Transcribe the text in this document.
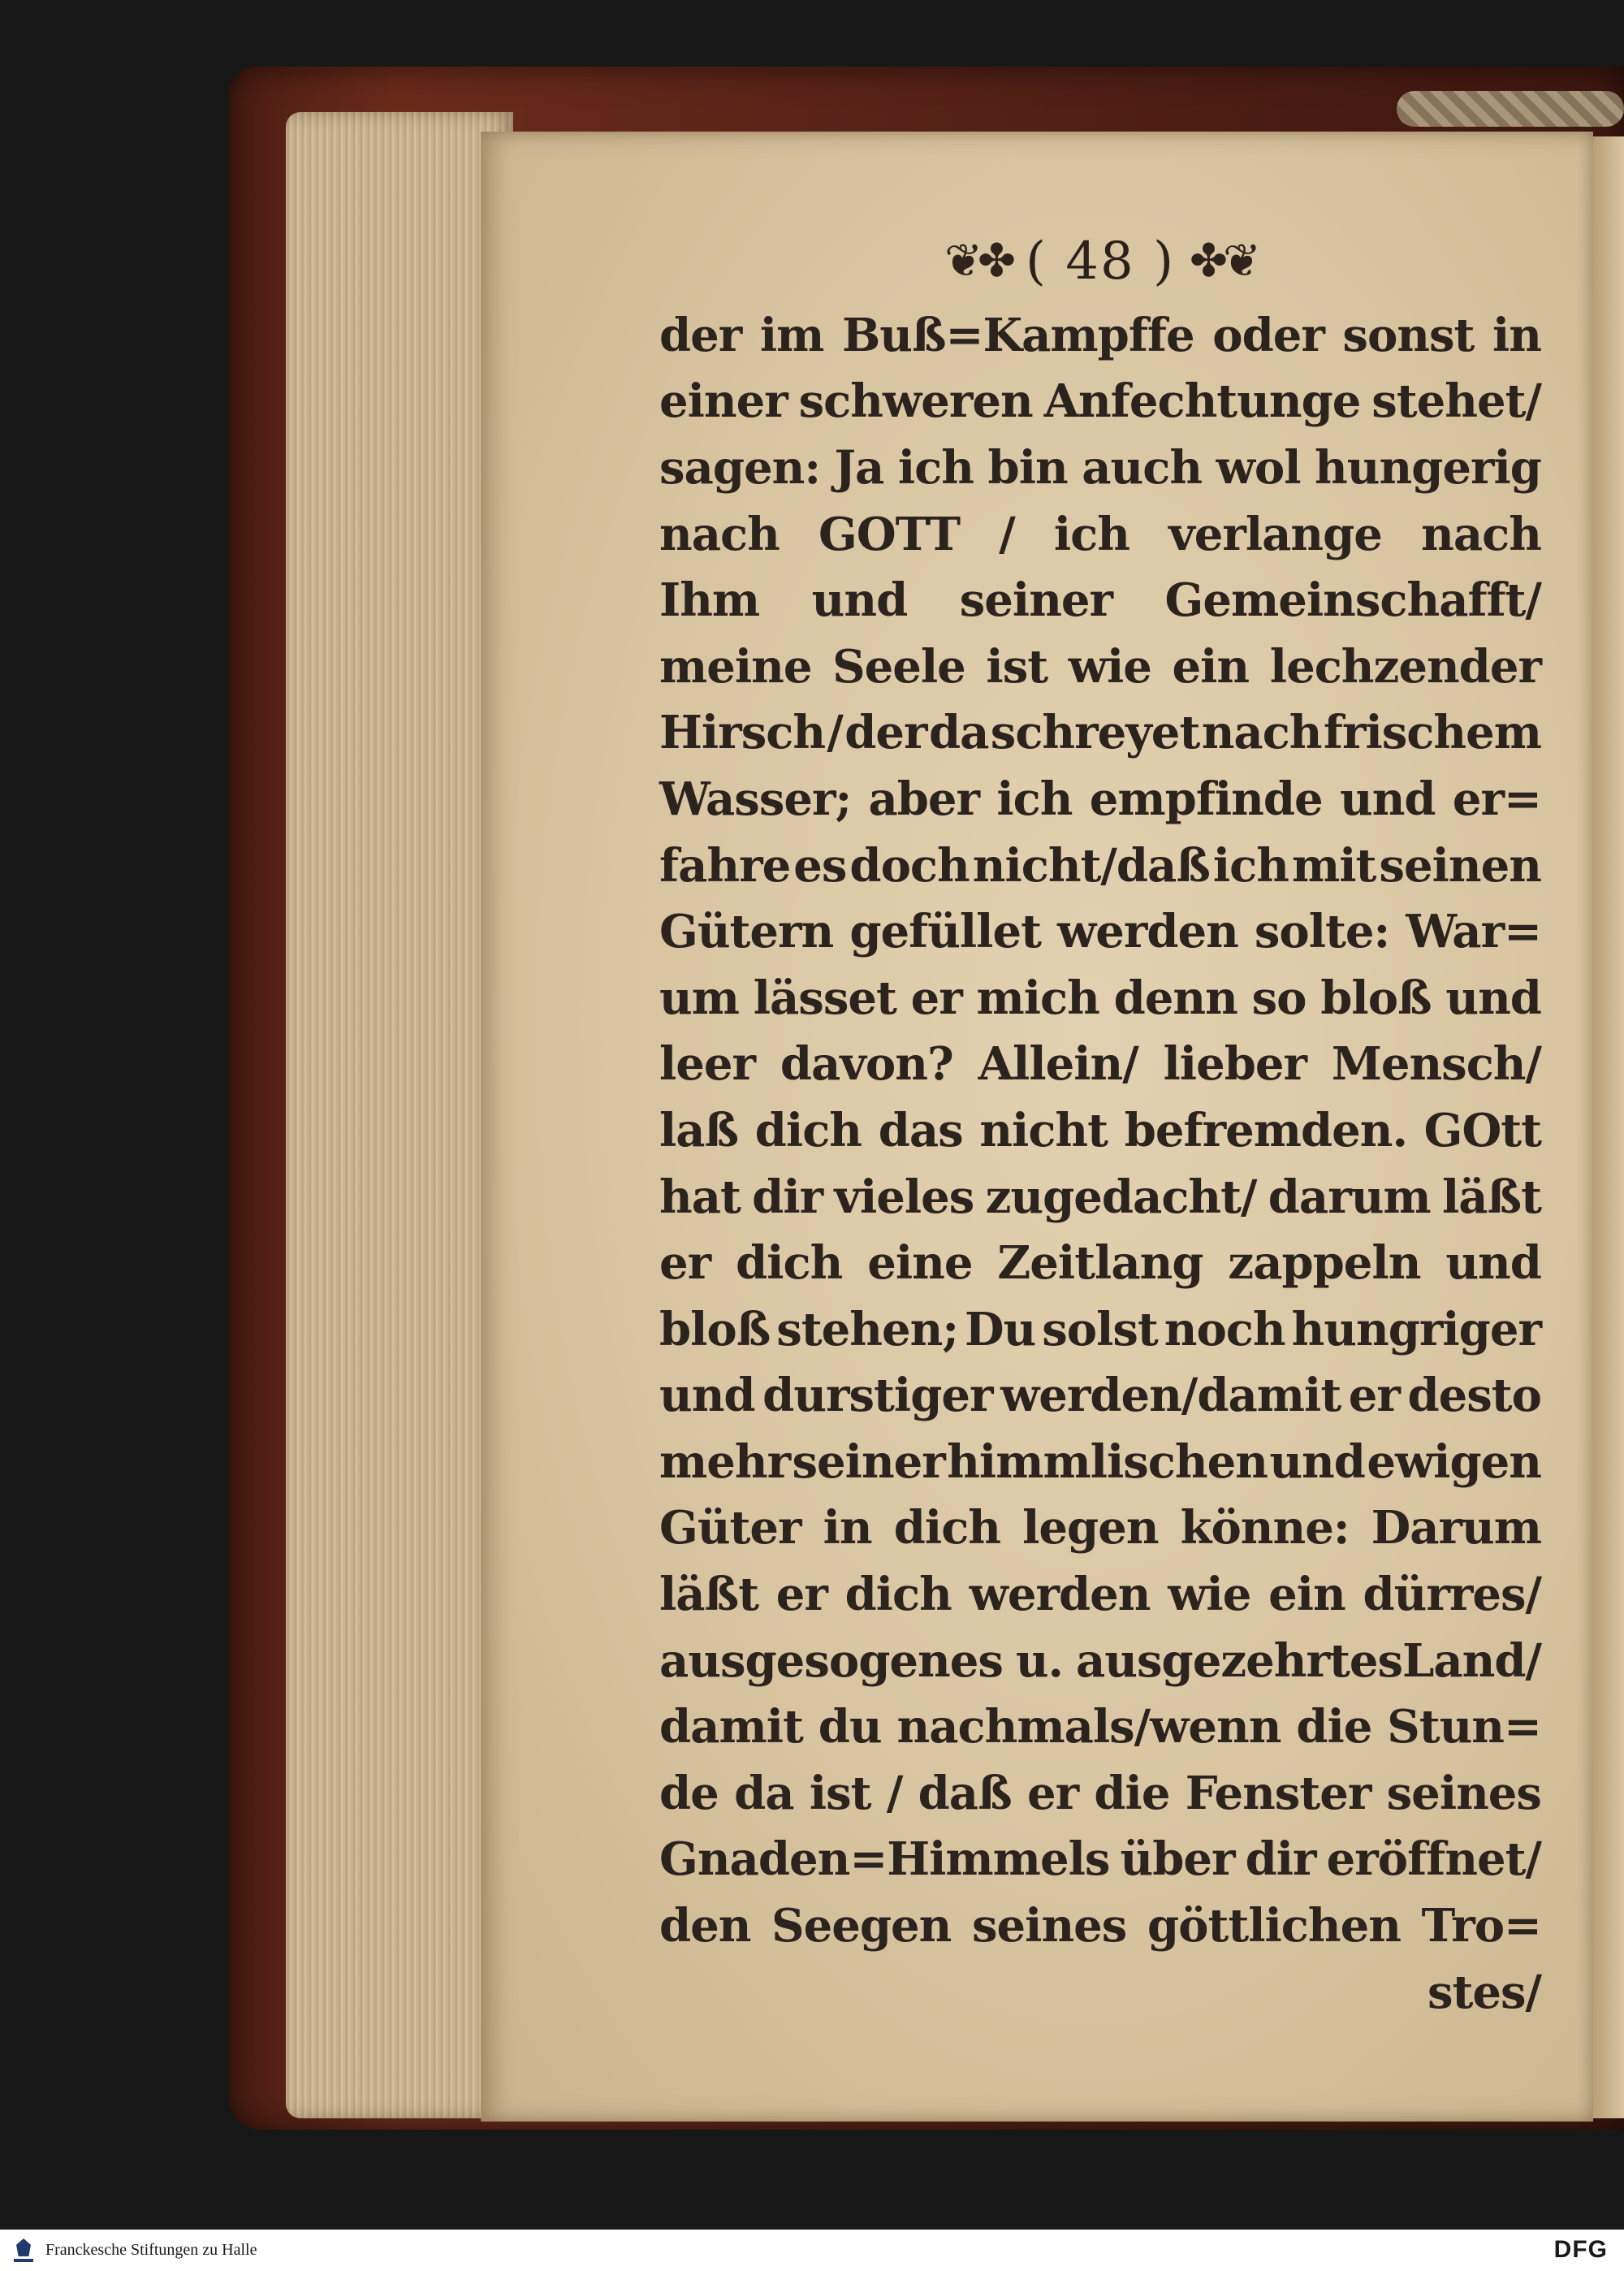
❦✤ ( 48 ) ✤❦
der im Buß=Kampffe oder sonst in
einer schweren Anfechtunge stehet/
sagen: Ja ich bin auch wol hungerig
nach GOTT / ich verlange nach
Ihm und seiner Gemeinschafft/
meine Seele ist wie ein lechzender
Hirsch / der da schreyet nach frischem
Wasser; aber ich empfinde und er=
fahre es doch nicht/daß ich mit seinen
Gütern gefüllet werden solte: War=
um lässet er mich denn so bloß und
leer davon? Allein/ lieber Mensch/
laß dich das nicht befremden. GOtt
hat dir vieles zugedacht/ darum läßt
er dich eine Zeitlang zappeln und
bloß stehen; Du solst noch hungriger
und durstiger werden/damit er desto
mehr seiner himmlischen und ewigen
Güter in dich legen könne: Darum
läßt er dich werden wie ein dürres/
ausgesogenes u. ausgezehrtesLand/
damit du nachmals/wenn die Stun=
de da ist / daß er die Fenster seines
Gnaden=Himmels über dir eröffnet/
den Seegen seines göttlichen Tro=
stes/
Franckesche Stiftungen zu Halle	DFG
